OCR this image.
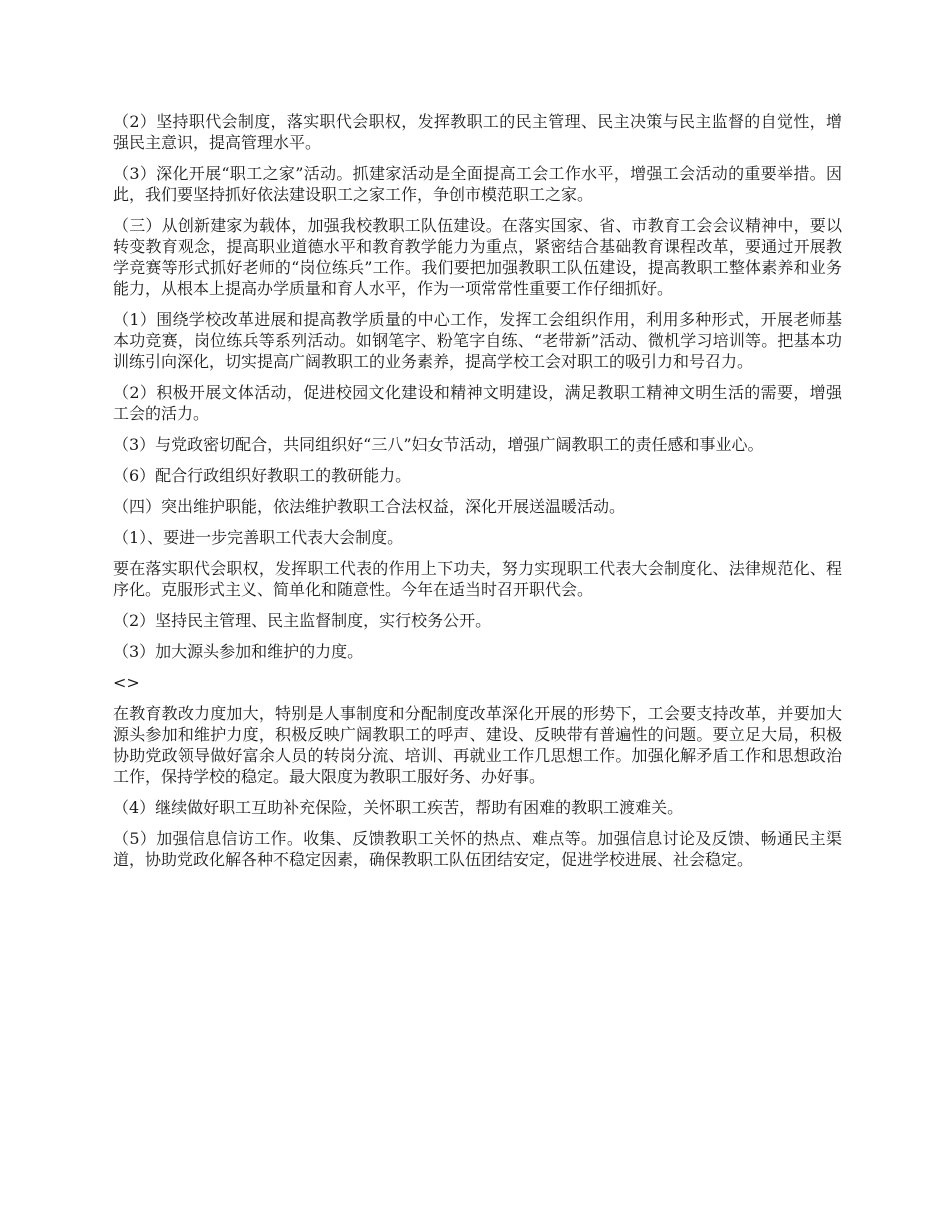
（2）坚持职代会制度，落实职代会职权，发挥教职工的民主管理、民主决策与民主监督的自觉性，增强民主意识，提高管理水平。

（3）深化开展“职工之家”活动。抓建家活动是全面提高工会工作水平，增强工会活动的重要举措。因此，我们要坚持抓好依法建设职工之家工作，争创市模范职工之家。

（三）从创新建家为载体，加强我校教职工队伍建设。在落实国家、省、市教育工会会议精神中，要以转变教育观念，提高职业道德水平和教育教学能力为重点，紧密结合基础教育课程改革，要通过开展教学竞赛等形式抓好老师的“岗位练兵”工作。我们要把加强教职工队伍建设，提高教职工整体素养和业务能力，从根本上提高办学质量和育人水平，作为一项常常性重要工作仔细抓好。

（1）围绕学校改革进展和提高教学质量的中心工作，发挥工会组织作用，利用多种形式，开展老师基本功竞赛，岗位练兵等系列活动。如钢笔字、粉笔字自练、“老带新”活动、微机学习培训等。把基本功训练引向深化，切实提高广阔教职工的业务素养，提高学校工会对职工的吸引力和号召力。

（2）积极开展文体活动，促进校园文化建设和精神文明建设，满足教职工精神文明生活的需要，增强工会的活力。

（3）与党政密切配合，共同组织好“三八”妇女节活动，增强广阔教职工的责任感和事业心。

（6）配合行政组织好教职工的教研能力。

（四）突出维护职能，依法维护教职工合法权益，深化开展送温暖活动。

（1）、要进一步完善职工代表大会制度。

要在落实职代会职权，发挥职工代表的作用上下功夫，努力实现职工代表大会制度化、法律规范化、程序化。克服形式主义、简单化和随意性。今年在适当时召开职代会。

（2）坚持民主管理、民主监督制度，实行校务公开。

（3）加大源头参加和维护的力度。

<>

在教育教改力度加大，特别是人事制度和分配制度改革深化开展的形势下，工会要支持改革，并要加大源头参加和维护力度，积极反映广阔教职工的呼声、建设、反映带有普遍性的问题。要立足大局，积极协助党政领导做好富余人员的转岗分流、培训、再就业工作几思想工作。加强化解矛盾工作和思想政治工作，保持学校的稳定。最大限度为教职工服好务、办好事。

（4）继续做好职工互助补充保险，关怀职工疾苦，帮助有困难的教职工渡难关。

（5）加强信息信访工作。收集、反馈教职工关怀的热点、难点等。加强信息讨论及反馈、畅通民主渠道，协助党政化解各种不稳定因素，确保教职工队伍团结安定，促进学校进展、社会稳定。
